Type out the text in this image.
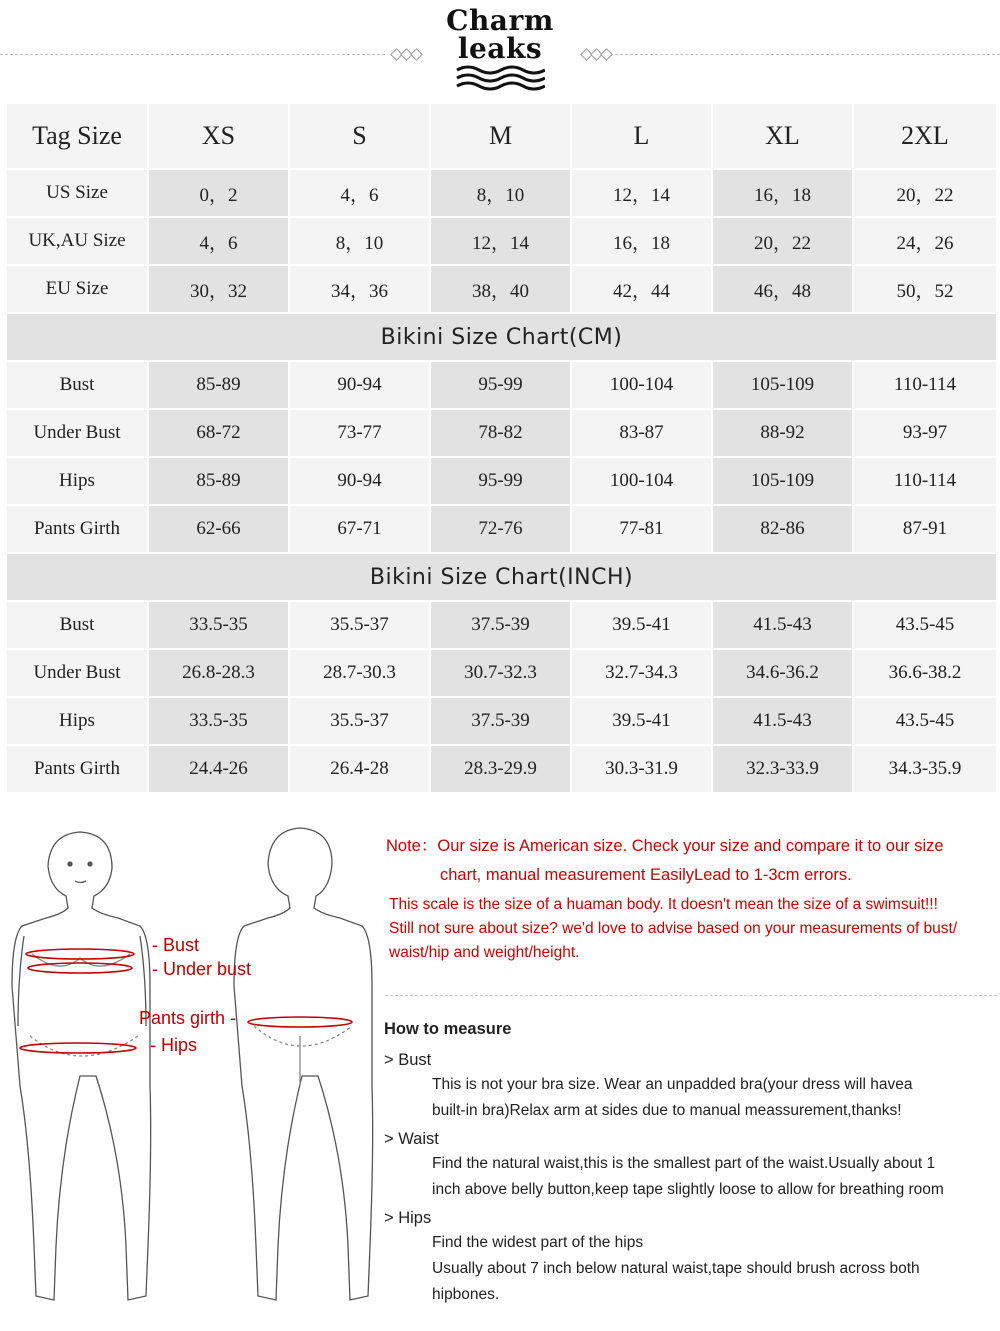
Charm
leaks
Tag Size	XS	S	M	L	XL	2XL
US Size	0，2	4，6	8，10	12，14	16，18	20，22
UK,AU Size	4，6	8，10	12，14	16，18	20，22	24，26
EU Size	30，32	34，36	38，40	42，44	46，48	50，52
Bikini Size Chart(CM)						
Bust	85-89	90-94	95-99	100-104	105-109	110-114
Under Bust	68-72	73-77	78-82	83-87	88-92	93-97
Hips	85-89	90-94	95-99	100-104	105-109	110-114
Pants Girth	62-66	67-71	72-76	77-81	82-86	87-91
Bikini Size Chart(INCH)						
Bust	33.5-35	35.5-37	37.5-39	39.5-41	41.5-43	43.5-45
Under Bust	26.8-28.3	28.7-30.3	30.7-32.3	32.7-34.3	34.6-36.2	36.6-38.2
Hips	33.5-35	35.5-37	37.5-39	39.5-41	41.5-43	43.5-45
Pants Girth	24.4-26	26.4-28	28.3-29.9	30.3-31.9	32.3-33.9	34.3-35.9
- Bust
- Under bust
Pants girth -
- Hips
Note：Our size is American size. Check your size and compare it to our size
chart, manual measurement EasilyLead to 1-3cm errors.
This scale is the size of a huaman body. It doesn't mean the size of a swimsuit!!!
Still not sure about size? we'd love to advise based on your measurements of bust/
waist/hip and weight/height.
How to measure
> Bust
This is not your bra size. Wear an unpadded bra(your dress will havea
built-in bra)Relax arm at sides due to manual meassurement,thanks!
> Waist
Find the natural waist,this is the smallest part of the waist.Usually about 1
inch above belly button,keep tape slightly loose to allow for breathing room
> Hips
Find the widest part of the hips
Usually about 7 inch below natural waist,tape should brush across both
hipbones.
